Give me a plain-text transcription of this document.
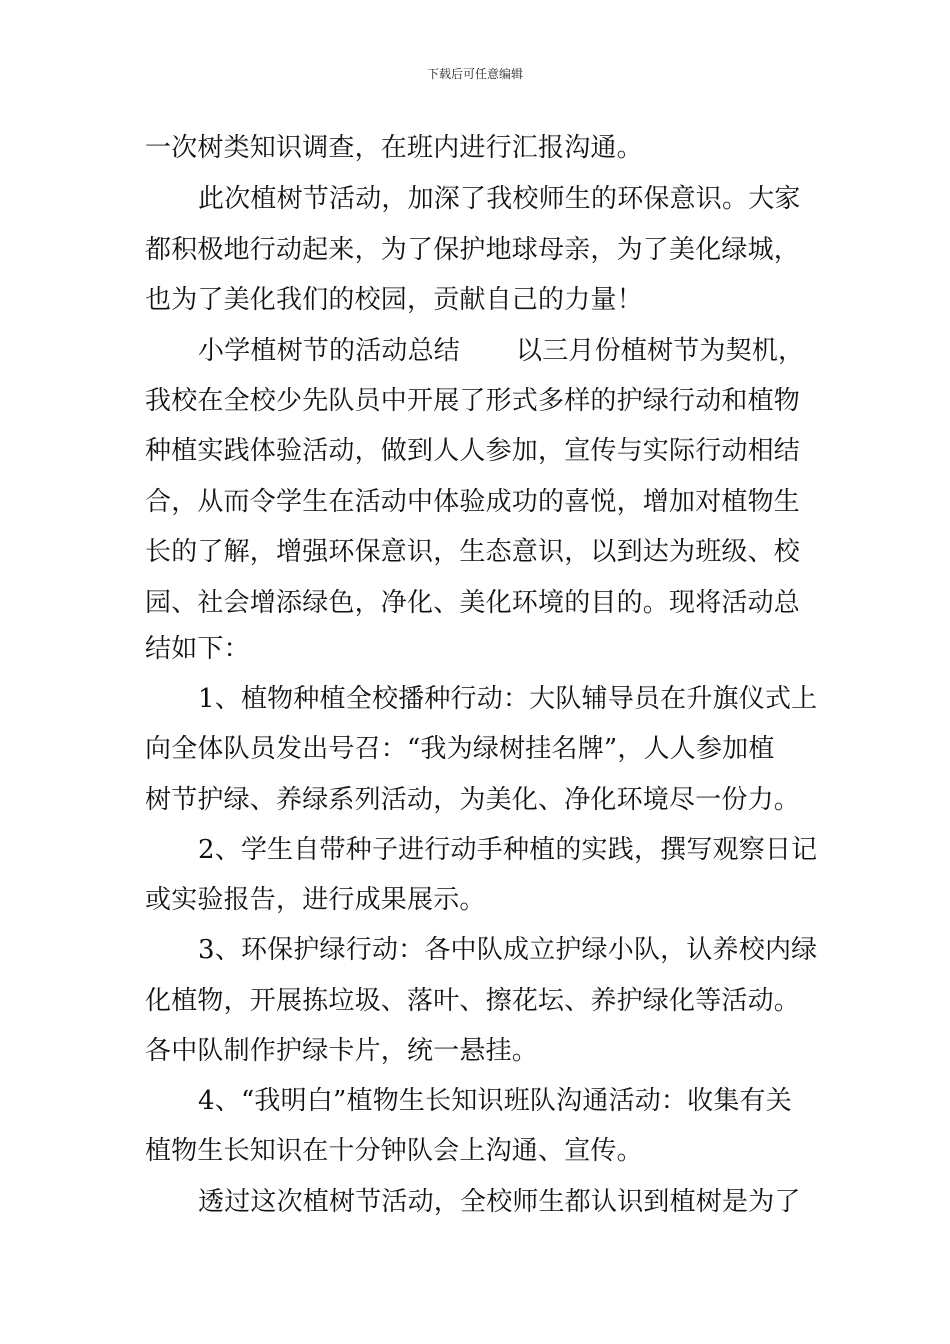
下载后可任意编辑
一次树类知识调查，在班内进行汇报沟通。
此次植树节活动，加深了我校师生的环保意识。大家
都积极地行动起来，为了保护地球母亲，为了美化绿城，
也为了美化我们的校园，贡献自己的力量！
小学植树节的活动总结 以三月份植树节为契机，
我校在全校少先队员中开展了形式多样的护绿行动和植物
种植实践体验活动，做到人人参加，宣传与实际行动相结
合，从而令学生在活动中体验成功的喜悦，增加对植物生
长的了解，增强环保意识，生态意识，以到达为班级、校
园、社会增添绿色，净化、美化环境的目的。现将活动总
结如下：
1、植物种植全校播种行动：大队辅导员在升旗仪式上
向全体队员发出号召：“我为绿树挂名牌”，人人参加植
树节护绿、养绿系列活动，为美化、净化环境尽一份力。
2、学生自带种子进行动手种植的实践，撰写观察日记
或实验报告，进行成果展示。
3、环保护绿行动：各中队成立护绿小队，认养校内绿
化植物，开展拣垃圾、落叶、擦花坛、养护绿化等活动。
各中队制作护绿卡片，统一悬挂。
4、“我明白”植物生长知识班队沟通活动：收集有关
植物生长知识在十分钟队会上沟通、宣传。
透过这次植树节活动，全校师生都认识到植树是为了
